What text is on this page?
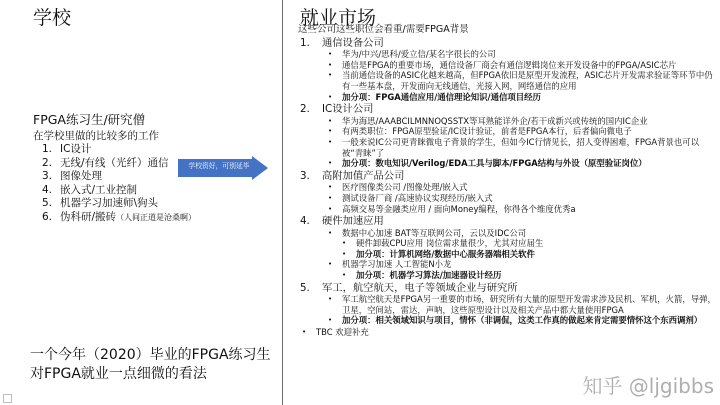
学校
FPGA练习生/研究僧
在学校里做的比较多的工作
1. IC设计
2. 无线/有线（光纤）通信
3. 图像处理
4. 嵌入式/工业控制
5. 机器学习加速师\狗头
6. 伪科研/搬砖 （人间正道是沧桑啊）
学校资好，可别延毕
一个今年（2020）毕业的FPGA练习生
对FPGA就业一点细微的看法
就业市场
这些公司这些职位会看重/需要FPGA背景
1.	通信设备公司
•	华为/中兴/思科/爱立信/某名字很长的公司
•	通信是FPGA的重要市场，通信设备厂商会有通信逻辑岗位来开发设备中的FPGA/ASIC芯片
•	当前通信设备的ASIC化越来越高，但FPGA依旧是原型开发流程，ASIC芯片开发需求验证等环节中仍有一些基本盘，开发面向无线通信，光接入网，网络通信的应用
•	加分项：FPGA通信应用/通信理论知识/通信项目经历
2.	IC设计公司
•	华为海思/AAABCILMNNOQSSTX等耳熟能详外企/若干成新兴或传统的国内IC企业
•	有两类职位：FPGA原型验证/IC设计验证，前者是FPGA本行，后者偏向微电子
•	一般来说IC公司更青睐微电子背景的学生，但如今IC行情见长，招人变得困难，FPGA背景也可以被“青睐”了
•	加分项：数电知识/Verilog/EDA工具与脚本/FPGA结构与外设（原型验证岗位）
3.	高附加值产品公司
•	医疗图像类公司 /图像处理/嵌入式
•	测试设备厂商 /高速协议实现经历/嵌入式
•	高频交易等金融类应用 / 面向Money编程，你得各个维度优秀a
4.	硬件加速应用
•	数据中心加速 BAT等互联网公司，云以及IDC公司
•	硬件卸载CPU应用 岗位需求量很少，尤其对应届生
•	加分项：计算机网络/数据中心服务器端相关软件
•	机器学习加速 人工智能N小龙
•	加分项：机器学习算法/加速器设计经历
5.	军工，航空航天，电子等领域企业与研究所
•	军工航空航天是FPGA另一重要的市场，研究所有大量的原型开发需求涉及民机、军机，火箭，导弹，卫星，空间站，雷达，声呐，这些原型设计以及相关产品中都大量使用FPGA
•	加分项：相关领域知识与项目，情怀（非调侃，这类工作真的做起来肯定需要情怀这个东西调剂）
•	TBC 欢迎补充
知乎 @ljgibbs
